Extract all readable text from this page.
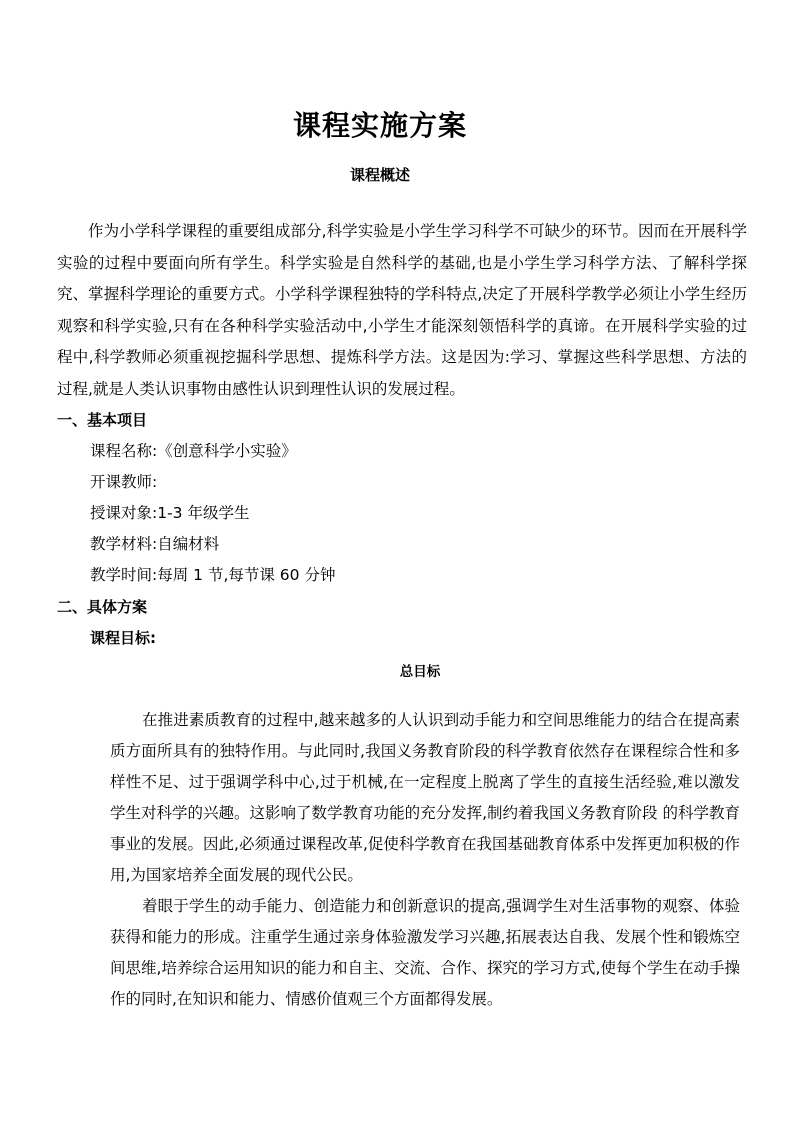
课程实施方案
课程概述

作为小学科学课程的重要组成部分,科学实验是小学生学习科学不可缺少的环节。因而在开展科学实验的过程中要面向所有学生。科学实验是自然科学的基础,也是小学生学习科学方法、了解科学探究、掌握科学理论的重要方式。小学科学课程独特的学科特点,决定了开展科学教学必须让小学生经历观察和科学实验,只有在各种科学实验活动中,小学生才能深刻领悟科学的真谛。在开展科学实验的过程中,科学教师必须重视挖掘科学思想、提炼科学方法。这是因为:学习、掌握这些科学思想、方法的过程,就是人类认识事物由感性认识到理性认识的发展过程。

一、基本项目
课程名称:《创意科学小实验》
开课教师:
授课对象:1-3 年级学生
教学材料:自编材料
教学时间:每周 1 节,每节课 60 分钟
二、具体方案
课程目标:
总目标

在推进素质教育的过程中,越来越多的人认识到动手能力和空间思维能力的结合在提高素质方面所具有的独特作用。与此同时,我国义务教育阶段的科学教育依然存在课程综合性和多样性不足、过于强调学科中心,过于机械,在一定程度上脱离了学生的直接生活经验,难以激发学生对科学的兴趣。这影响了数学教育功能的充分发挥,制约着我国义务教育阶段 的科学教育事业的发展。因此,必须通过课程改革,促使科学教育在我国基础教育体系中发挥更加积极的作用,为国家培养全面发展的现代公民。

着眼于学生的动手能力、创造能力和创新意识的提高,强调学生对生活事物的观察、体验获得和能力的形成。注重学生通过亲身体验激发学习兴趣,拓展表达自我、发展个性和锻炼空间思维,培养综合运用知识的能力和自主、交流、合作、探究的学习方式,使每个学生在动手操作的同时,在知识和能力、情感价值观三个方面都得发展。
